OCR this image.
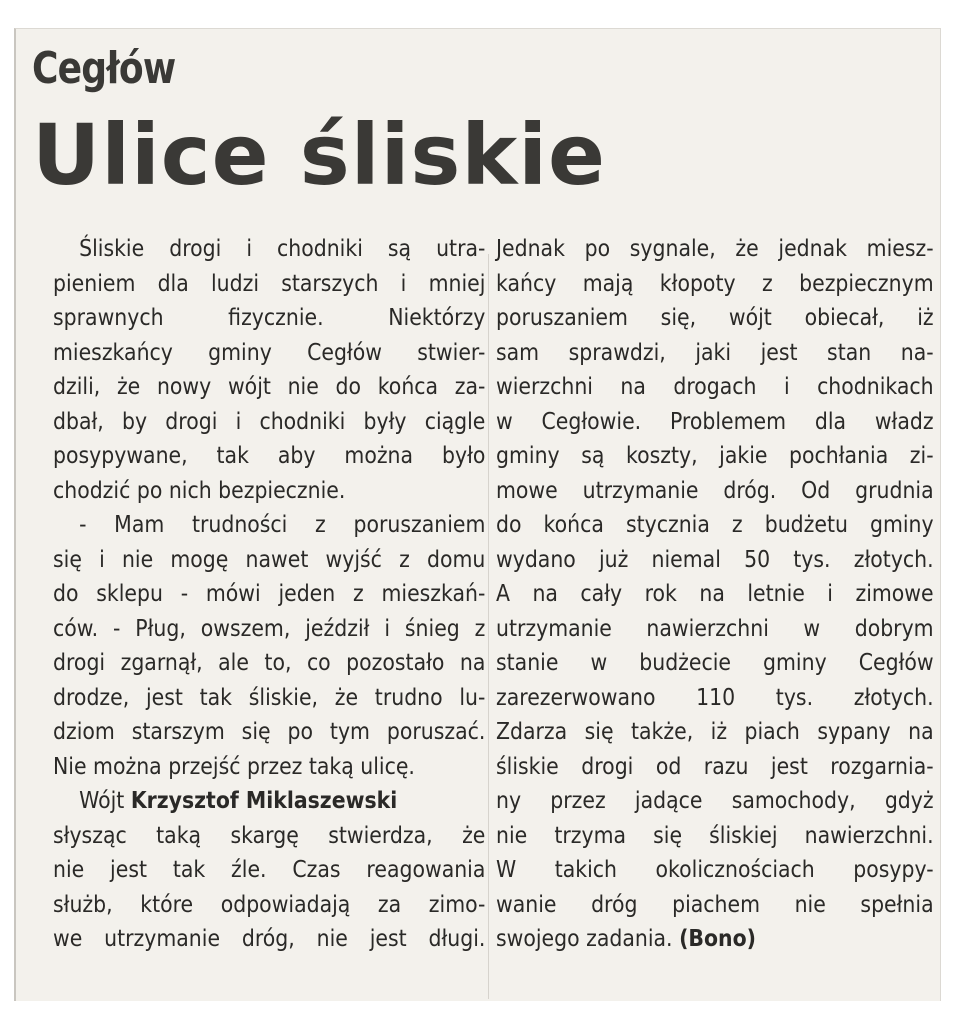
Cegłów
Ulice śliskie
Śliskie drogi i chodniki są utra-
pieniem dla ludzi starszych i mniej
sprawnych fizycznie. Niektórzy
mieszkańcy gminy Cegłów stwier-
dzili, że nowy wójt nie do końca za-
dbał, by drogi i chodniki były ciągle
posypywane, tak aby można było
chodzić po nich bezpiecznie.
- Mam trudności z poruszaniem
się i nie mogę nawet wyjść z domu
do sklepu - mówi jeden z mieszkań-
ców. - Pług, owszem, jeździł i śnieg z
drogi zgarnął, ale to, co pozostało na
drodze, jest tak śliskie, że trudno lu-
dziom starszym się po tym poruszać.
Nie można przejść przez taką ulicę.
Wójt Krzysztof Miklaszewski
słysząc taką skargę stwierdza, że
nie jest tak źle. Czas reagowania
służb, które odpowiadają za zimo-
we utrzymanie dróg, nie jest długi.
Jednak po sygnale, że jednak miesz-
kańcy mają kłopoty z bezpiecznym
poruszaniem się, wójt obiecał, iż
sam sprawdzi, jaki jest stan na-
wierzchni na drogach i chodnikach
w Cegłowie. Problemem dla władz
gminy są koszty, jakie pochłania zi-
mowe utrzymanie dróg. Od grudnia
do końca stycznia z budżetu gminy
wydano już niemal 50 tys. złotych.
A na cały rok na letnie i zimowe
utrzymanie nawierzchni w dobrym
stanie w budżecie gminy Cegłów
zarezerwowano 110 tys. złotych.
Zdarza się także, iż piach sypany na
śliskie drogi od razu jest rozgarnia-
ny przez jadące samochody, gdyż
nie trzyma się śliskiej nawierzchni.
W takich okolicznościach posypy-
wanie dróg piachem nie spełnia
swojego zadania. (Bono)
